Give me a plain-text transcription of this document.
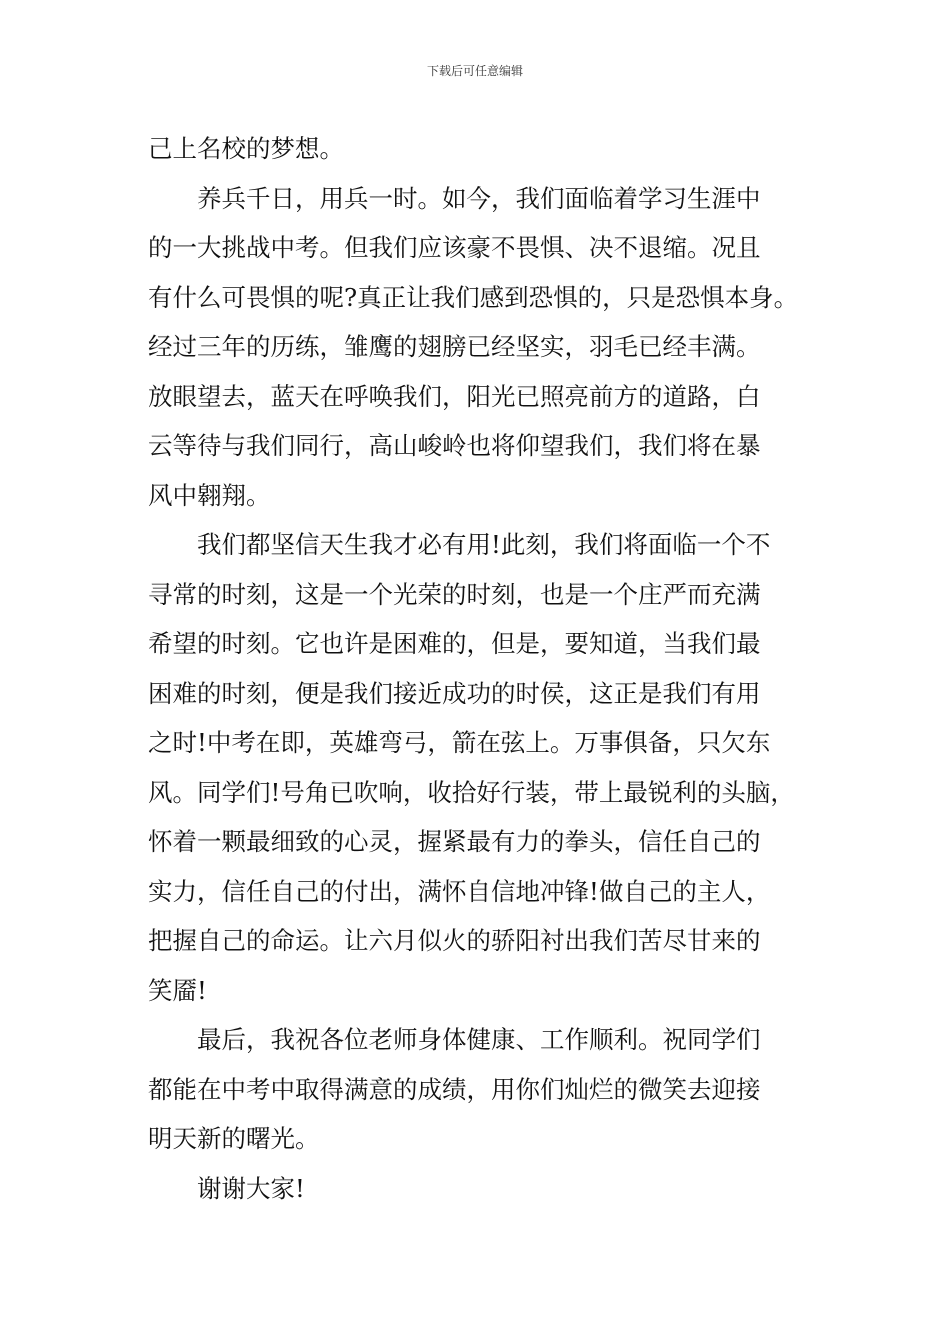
下载后可任意编辑
己上名校的梦想。
养兵千日，用兵一时。如今，我们面临着学习生涯中
的一大挑战中考。但我们应该豪不畏惧、决不退缩。况且
有什么可畏惧的呢?真正让我们感到恐惧的，只是恐惧本身。
经过三年的历练，雏鹰的翅膀已经坚实，羽毛已经丰满。
放眼望去，蓝天在呼唤我们，阳光已照亮前方的道路，白
云等待与我们同行，高山峻岭也将仰望我们，我们将在暴
风中翱翔。
我们都坚信天生我才必有用!此刻，我们将面临一个不
寻常的时刻，这是一个光荣的时刻，也是一个庄严而充满
希望的时刻。它也许是困难的，但是，要知道，当我们最
困难的时刻，便是我们接近成功的时侯，这正是我们有用
之时!中考在即，英雄弯弓，箭在弦上。万事俱备，只欠东
风。同学们!号角已吹响，收拾好行装，带上最锐利的头脑，
怀着一颗最细致的心灵，握紧最有力的拳头，信任自己的
实力，信任自己的付出，满怀自信地冲锋!做自己的主人，
把握自己的命运。让六月似火的骄阳衬出我们苦尽甘来的
笑靥!
最后，我祝各位老师身体健康、工作顺利。祝同学们
都能在中考中取得满意的成绩，用你们灿烂的微笑去迎接
明天新的曙光。
谢谢大家!
